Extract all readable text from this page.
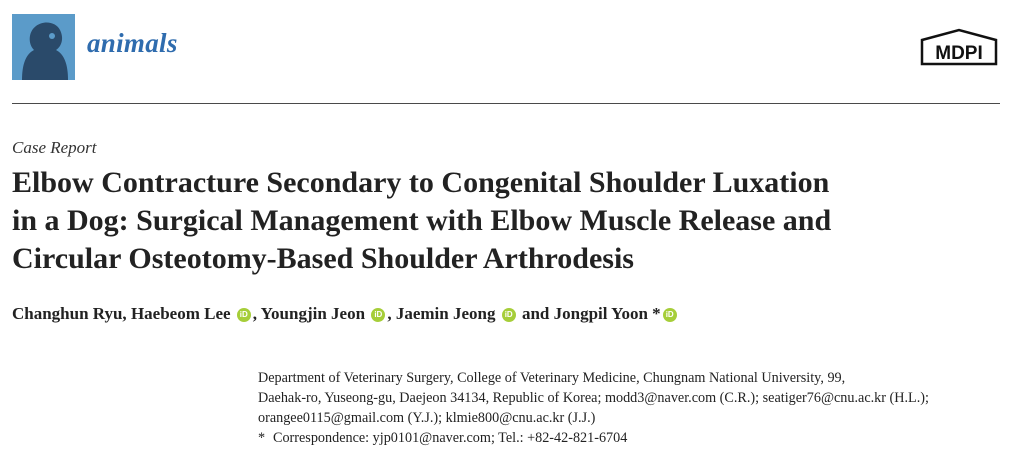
animals	MDPI
Case Report
Elbow Contracture Secondary to Congenital Shoulder Luxation
in a Dog: Surgical Management with Elbow Muscle Release and
Circular Osteotomy-Based Shoulder Arthrodesis
Changhun Ryu, Haebeom Lee iD , Youngjin Jeon iD , Jaemin Jeong iD and Jongpil Yoon * iD
Department of Veterinary Surgery, College of Veterinary Medicine, Chungnam National University, 99,
Daehak-ro, Yuseong-gu, Daejeon 34134, Republic of Korea; modd3@naver.com (C.R.); seatiger76@cnu.ac.kr (H.L.);
orangee0115@gmail.com (Y.J.); klmie800@cnu.ac.kr (J.J.)
* Correspondence: yjp0101@naver.com; Tel.: +82-42-821-6704
